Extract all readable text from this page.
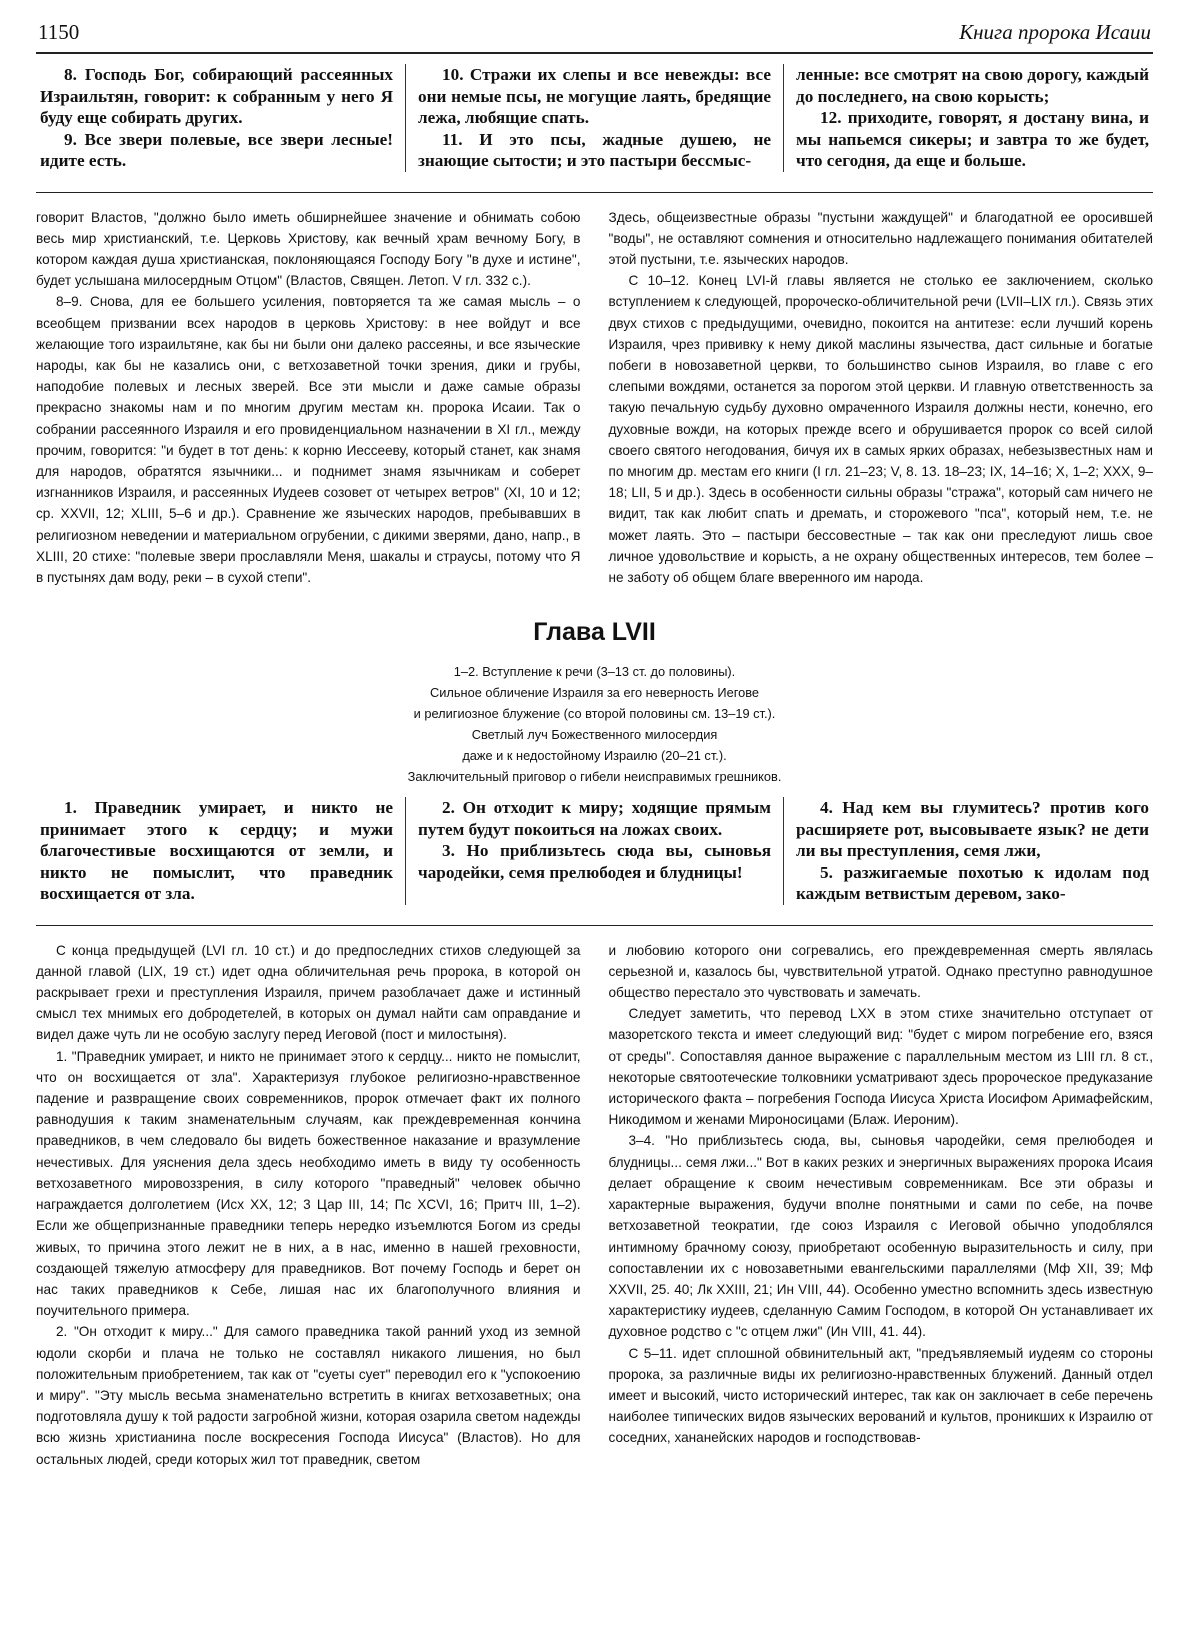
1150	Книга пророка Исаии

8. Господь Бог, собирающий рассеянных Израильтян, говорит: к собранным у него Я буду еще собирать других.

9. Все звери полевые, все звери лесные! идите есть.

10. Стражи их слепы и все невежды: все они немые псы, не могущие лаять, бредящие лежа, любящие спать.

11. И это псы, жадные душею, не знающие сытости; и это пастыри бессмыс-

ленные: все смотрят на свою дорогу, каждый до последнего, на свою корысть;

12. приходите, говорят, я достану вина, и мы напьемся сикеры; и завтра то же будет, что сегодня, да еще и больше.

говорит Властов, "должно было иметь обширнейшее значение и обнимать собою весь мир христианский, т.е. Церковь Христову, как вечный храм вечному Богу, в котором каждая душа христианская, поклоняющаяся Господу Богу "в духе и истине", будет услышана милосердным Отцом" (Властов, Священ. Летоп. V гл. 332 с.).

8–9. Снова, для ее большего усиления, повторяется та же самая мысль – о всеобщем призвании всех народов в церковь Христову: в нее войдут и все желающие того израильтяне, как бы ни были они далеко рассеяны, и все языческие народы, как бы не казались они, с ветхозаветной точки зрения, дики и грубы, наподобие полевых и лесных зверей. Все эти мысли и даже самые образы прекрасно знакомы нам и по многим другим местам кн. пророка Исаии. Так о собрании рассеянного Израиля и его провиденциальном назначении в XI гл., между прочим, говорится: "и будет в тот день: к корню Иессееву, который станет, как знамя для народов, обратятся язычники... и поднимет знамя язычникам и соберет изгнанников Израиля, и рассеянных Иудеев созовет от четырех ветров" (XI, 10 и 12; ср. XXVII, 12; XLIII, 5–6 и др.). Сравнение же языческих народов, пребывавших в религиозном неведении и материальном огрубении, с дикими зверями, дано, напр., в XLIII, 20 стихе: "полевые звери прославляли Меня, шакалы и страусы, потому что Я в пустынях дам воду, реки – в сухой степи".

Здесь, общеизвестные образы "пустыни жаждущей" и благодатной ее оросившей "воды", не оставляют сомнения и относительно надлежащего понимания обитателей этой пустыни, т.е. языческих народов.

С 10–12. Конец LVI-й главы является не столько ее заключением, сколько вступлением к следующей, пророческо-обличительной речи (LVII–LIX гл.). Связь этих двух стихов с предыдущими, очевидно, покоится на антитезе: если лучший корень Израиля, чрез прививку к нему дикой маслины язычества, даст сильные и богатые побеги в новозаветной церкви, то большинство сынов Израиля, во главе с его слепыми вождями, останется за порогом этой церкви. И главную ответственность за такую печальную судьбу духовно омраченного Израиля должны нести, конечно, его духовные вожди, на которых прежде всего и обрушивается пророк со всей силой своего святого негодования, бичуя их в самых ярких образах, небезызвестных нам и по многим др. местам его книги (I гл. 21–23; V, 8. 13. 18–23; IX, 14–16; X, 1–2; XXX, 9–18; LII, 5 и др.). Здесь в особенности сильны образы "стража", который сам ничего не видит, так как любит спать и дремать, и сторожевого "пса", который нем, т.е. не может лаять. Это – пастыри бессовестные – так как они преследуют лишь свое личное удовольствие и корысть, а не охрану общественных интересов, тем более – не заботу об общем благе вверенного им народа.

Глава LVII
1–2. Вступление к речи (3–13 ст. до половины).
Сильное обличение Израиля за его неверность Иегове
и религиозное блужение (со второй половины см. 13–19 ст.).
Светлый луч Божественного милосердия
даже и к недостойному Израилю (20–21 ст.).
Заключительный приговор о гибели неисправимых грешников.

1. Праведник умирает, и никто не принимает этого к сердцу; и мужи благочестивые восхищаются от земли, и никто не помыслит, что праведник восхищается от зла.

2. Он отходит к миру; ходящие прямым путем будут покоиться на ложах своих.

3. Но приблизьтесь сюда вы, сыновья чародейки, семя прелюбодея и блудницы!

4. Над кем вы глумитесь? против кого расширяете рот, высовываете язык? не дети ли вы преступления, семя лжи,

5. разжигаемые похотью к идолам под каждым ветвистым деревом, зако-

С конца предыдущей (LVI гл. 10 ст.) и до предпоследних стихов следующей за данной главой (LIX, 19 ст.) идет одна обличительная речь пророка, в которой он раскрывает грехи и преступления Израиля, причем разоблачает даже и истинный смысл тех мнимых его добродетелей, в которых он думал найти сам оправдание и видел даже чуть ли не особую заслугу перед Иеговой (пост и милостыня).

1. "Праведник умирает, и никто не принимает этого к сердцу... никто не помыслит, что он восхищается от зла". Характеризуя глубокое религиозно-нравственное падение и развращение своих современников, пророк отмечает факт их полного равнодушия к таким знаменательным случаям, как преждевременная кончина праведников, в чем следовало бы видеть божественное наказание и вразумление нечестивых. Для уяснения дела здесь необходимо иметь в виду ту особенность ветхозаветного мировоззрения, в силу которого "праведный" человек обычно награждается долголетием (Исх XX, 12; 3 Цар III, 14; Пс XCVI, 16; Притч III, 1–2). Если же общепризнанные праведники теперь нередко изъемлются Богом из среды живых, то причина этого лежит не в них, а в нас, именно в нашей греховности, создающей тяжелую атмосферу для праведников. Вот почему Господь и берет он нас таких праведников к Себе, лишая нас их благополучного влияния и поучительного примера.

2. "Он отходит к миру..." Для самого праведника такой ранний уход из земной юдоли скорби и плача не только не составлял никакого лишения, но был положительным приобретением, так как от "суеты сует" переводил его к "успокоению и миру". "Эту мысль весьма знаменательно встретить в книгах ветхозаветных; она подготовляла душу к той радости загробной жизни, которая озарила светом надежды всю жизнь христианина после воскресения Господа Иисуса" (Властов). Но для остальных людей, среди которых жил тот праведник, светом

и любовию которого они согревались, его преждевременная смерть являлась серьезной и, казалось бы, чувствительной утратой. Однако преступно равнодушное общество перестало это чувствовать и замечать.

Следует заметить, что перевод LXX в этом стихе значительно отступает от мазоретского текста и имеет следующий вид: "будет с миром погребение его, взяся от среды". Сопоставляя данное выражение с параллельным местом из LIII гл. 8 ст., некоторые святоотеческие толковники усматривают здесь пророческое предуказание исторического факта – погребения Господа Иисуса Христа Иосифом Аримафейским, Никодимом и женами Мироносицами (Блаж. Иероним).

3–4. "Но приблизьтесь сюда, вы, сыновья чародейки, семя прелюбодея и блудницы... семя лжи..." Вот в каких резких и энергичных выражениях пророка Исаия делает обращение к своим нечестивым современникам. Все эти образы и характерные выражения, будучи вполне понятными и сами по себе, на почве ветхозаветной теократии, где союз Израиля с Иеговой обычно уподоблялся интимному брачному союзу, приобретают особенную выразительность и силу, при сопоставлении их с новозаветными евангельскими параллелями (Мф XII, 39; Мф XXVII, 25. 40; Лк XXIII, 21; Ин VIII, 44). Особенно уместно вспомнить здесь известную характеристику иудеев, сделанную Самим Господом, в которой Он устанавливает их духовное родство с "с отцем лжи" (Ин VIII, 41. 44).

С 5–11. идет сплошной обвинительный акт, "предъявляемый иудеям со стороны пророка, за различные виды их религиозно-нравственных блужений. Данный отдел имеет и высокий, чисто исторический интерес, так как он заключает в себе перечень наиболее типических видов языческих верований и культов, проникших к Израилю от соседних, хананейских народов и господствовав-
